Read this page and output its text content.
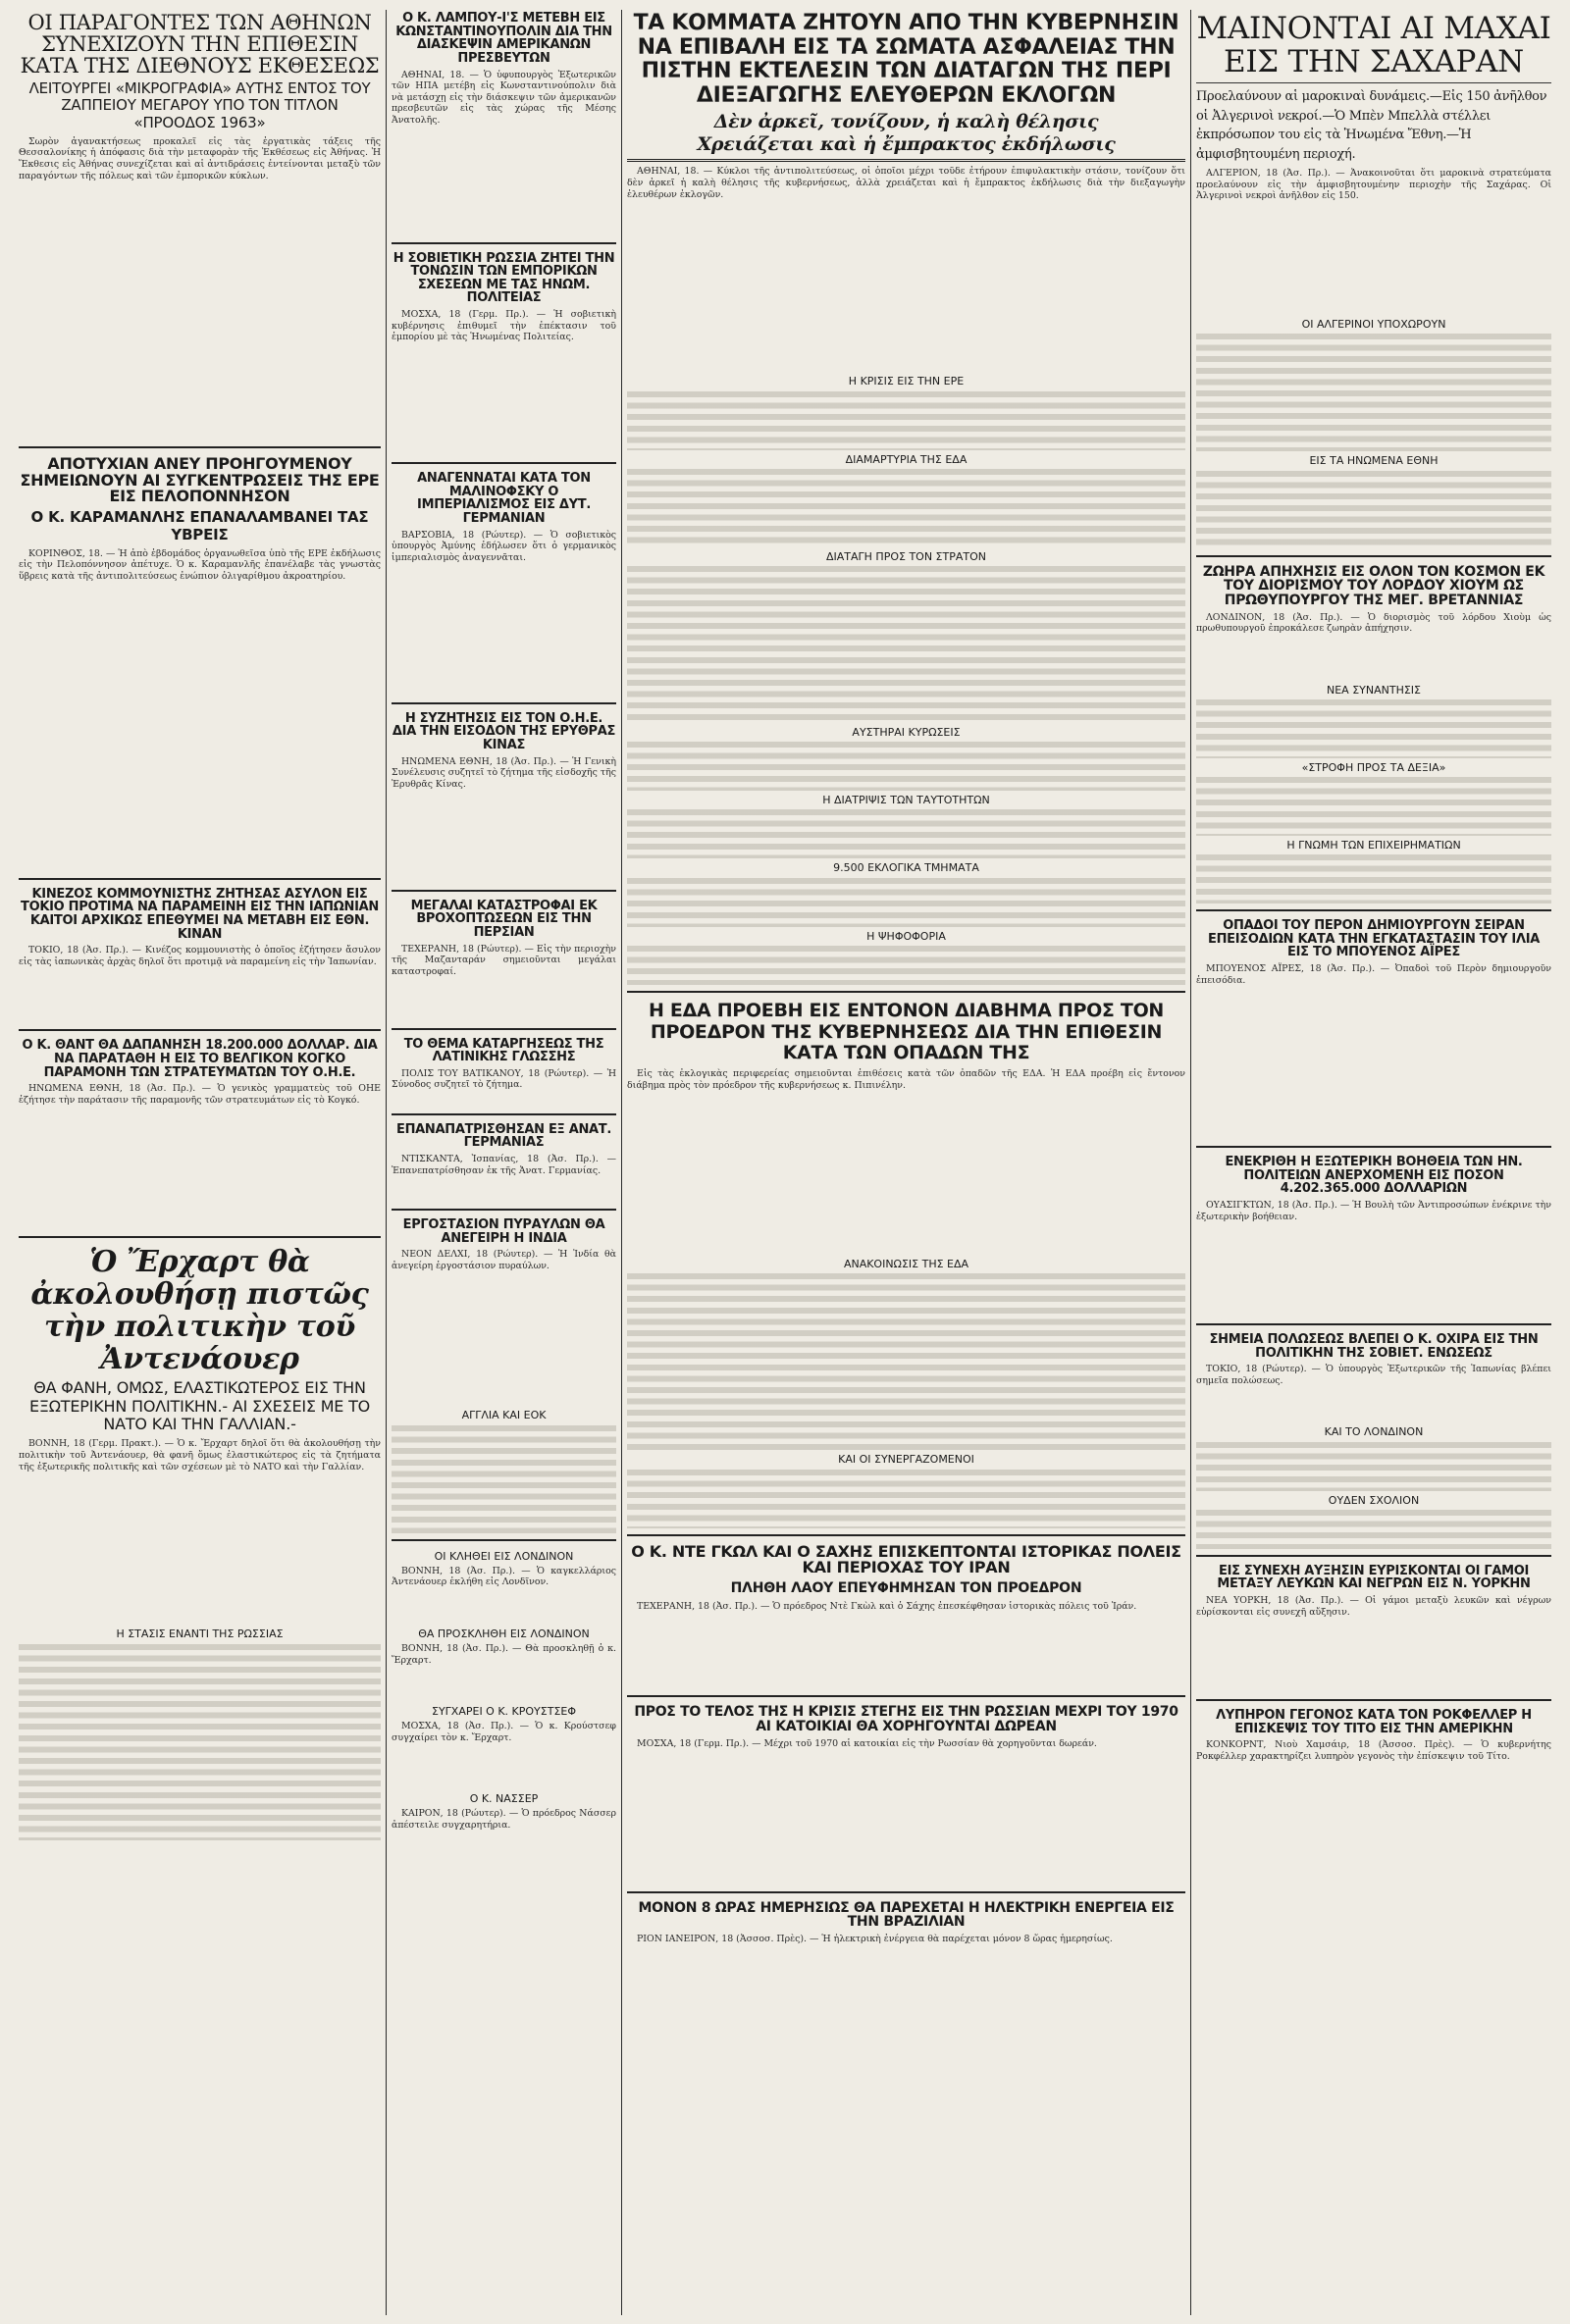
ΟΙ ΠΑΡΑΓΟΝΤΕΣ ΤΩΝ ΑΘΗΝΩΝ ΣΥΝΕΧΙΖΟΥΝ ΤΗΝ ΕΠΙΘΕΣΙΝ ΚΑΤΑ ΤΗΣ ΔΙΕΘΝΟΥΣ ΕΚΘΕΣΕΩΣ
ΛΕΙΤΟΥΡΓΕΙ «ΜΙΚΡΟΓΡΑΦΙΑ» ΑΥΤΗΣ ΕΝΤΟΣ ΤΟΥ ΖΑΠΠΕΙΟΥ ΜΕΓΑΡΟΥ ΥΠΟ ΤΟΝ ΤΙΤΛΟΝ «ΠΡΟΟΔΟΣ 1963»

Σωρὸν ἀγανακτήσεως προκαλεῖ εἰς τὰς ἐργατικὰς τάξεις τῆς Θεσσαλονίκης ἡ ἀπόφασις διὰ τὴν μεταφορὰν τῆς Ἐκθέσεως εἰς Ἀθήνας. Ἡ Ἔκθεσις εἰς Ἀθήνας συνεχίζεται καὶ αἱ ἀντιδράσεις ἐντείνονται μεταξὺ τῶν παραγόντων τῆς πόλεως καὶ τῶν ἐμπορικῶν κύκλων.

ΑΠΟΤΥΧΙΑΝ ΑΝΕΥ ΠΡΟΗΓΟΥΜΕΝΟΥ ΣΗΜΕΙΩΝΟΥΝ ΑΙ ΣΥΓΚΕΝΤΡΩΣΕΙΣ ΤΗΣ ΕΡΕ ΕΙΣ ΠΕΛΟΠΟΝΝΗΣΟΝ
Ο Κ. ΚΑΡΑΜΑΝΛΗΣ ΕΠΑΝΑΛΑΜΒΑΝΕΙ ΤΑΣ ΥΒΡΕΙΣ

ΚΟΡΙΝΘΟΣ, 18. — Ἡ ἀπὸ ἑβδομάδος ὀργανωθεῖσα ὑπὸ τῆς ΕΡΕ ἐκδήλωσις εἰς τὴν Πελοπόννησον ἀπέτυχε. Ὁ κ. Καραμανλῆς ἐπανέλαβε τὰς γνωστὰς ὕβρεις κατὰ τῆς ἀντιπολιτεύσεως ἐνώπιον ὀλιγαρίθμου ἀκροατηρίου.

ΚΙΝΕΖΟΣ ΚΟΜΜΟΥΝΙΣΤΗΣ ΖΗΤΗΣΑΣ ΑΣΥΛΟΝ ΕΙΣ ΤΟΚΙΟ ΠΡΟΤΙΜΑ ΝΑ ΠΑΡΑΜΕΙΝΗ ΕΙΣ ΤΗΝ ΙΑΠΩΝΙΑΝ ΚΑΙΤΟΙ ΑΡΧΙΚΩΣ ΕΠΕΘΥΜΕΙ ΝΑ ΜΕΤΑΒΗ ΕΙΣ ΕΘΝ. ΚΙΝΑΝ

ΤΟΚΙΟ, 18 (Ἀσ. Πρ.). — Κινέζος κομμουνιστὴς ὁ ὁποῖος ἐζήτησεν ἄσυλον εἰς τὰς ἰαπωνικὰς ἀρχὰς δηλοῖ ὅτι προτιμᾷ νὰ παραμείνη εἰς τὴν Ἰαπωνίαν.

Ο Κ. ΘΑΝΤ ΘΑ ΔΑΠΑΝΗΣΗ 18.200.000 ΔΟΛΛΑΡ. ΔΙΑ ΝΑ ΠΑΡΑΤΑΘΗ Η ΕΙΣ ΤΟ ΒΕΛΓΙΚΟΝ ΚΟΓΚΟ ΠΑΡΑΜΟΝΗ ΤΩΝ ΣΤΡΑΤΕΥΜΑΤΩΝ ΤΟΥ Ο.Η.Ε.

ΗΝΩΜΕΝΑ ΕΘΝΗ, 18 (Ἀσ. Πρ.). — Ὁ γενικὸς γραμματεὺς τοῦ ΟΗΕ ἐζήτησε τὴν παράτασιν τῆς παραμονῆς τῶν στρατευμάτων εἰς τὸ Κογκό.

Ὁ Ἔρχαρτ θὰ ἀκολουθήσῃ πιστῶς τὴν πολιτικὴν τοῦ Ἀντενάουερ
ΘΑ ΦΑΝΗ, ΟΜΩΣ, ΕΛΑΣΤΙΚΩΤΕΡΟΣ ΕΙΣ ΤΗΝ ΕΞΩΤΕΡΙΚΗΝ ΠΟΛΙΤΙΚΗΝ.- ΑΙ ΣΧΕΣΕΙΣ ΜΕ ΤΟ ΝΑΤΟ ΚΑΙ ΤΗΝ ΓΑΛΛΙΑΝ.-

ΒΟΝΝΗ, 18 (Γερμ. Πρακτ.). — Ὁ κ. Ἔρχαρτ δηλοῖ ὅτι θὰ ἀκολουθήσῃ τὴν πολιτικὴν τοῦ Ἀντενάουερ, θὰ φανῆ ὅμως ἐλαστικώτερος εἰς τὰ ζητήματα τῆς ἐξωτερικῆς πολιτικῆς καὶ τῶν σχέσεων μὲ τὸ ΝΑΤΟ καὶ τὴν Γαλλίαν.

Η ΣΤΑΣΙΣ ΕΝΑΝΤΙ ΤΗΣ ΡΩΣΣΙΑΣ

Ο Κ. ΛΑΜΠΟΥ-Ι'Σ ΜΕΤΕΒΗ ΕΙΣ ΚΩΝΣΤΑΝΤΙΝΟΥΠΟΛΙΝ ΔΙΑ ΤΗΝ ΔΙΑΣΚΕΨΙΝ ΑΜΕΡΙΚΑΝΩΝ ΠΡΕΣΒΕΥΤΩΝ

ΑΘΗΝΑΙ, 18. — Ὁ ὑφυπουργὸς Ἐξωτερικῶν τῶν ΗΠΑ μετέβη εἰς Κωνσταντινούπολιν διὰ νὰ μετάσχῃ εἰς τὴν διάσκεψιν τῶν ἀμερικανῶν πρεσβευτῶν εἰς τὰς χώρας τῆς Μέσης Ἀνατολῆς.

Η ΣΟΒΙΕΤΙΚΗ ΡΩΣΣΙΑ ΖΗΤΕΙ ΤΗΝ ΤΟΝΩΣΙΝ ΤΩΝ ΕΜΠΟΡΙΚΩΝ ΣΧΕΣΕΩΝ ΜΕ ΤΑΣ ΗΝΩΜ. ΠΟΛΙΤΕΙΑΣ

ΜΟΣΧΑ, 18 (Γερμ. Πρ.). — Ἡ σοβιετικὴ κυβέρνησις ἐπιθυμεῖ τὴν ἐπέκτασιν τοῦ ἐμπορίου μὲ τὰς Ἡνωμένας Πολιτείας.

ΑΝΑΓΕΝΝΑΤΑΙ ΚΑΤΑ ΤΟΝ ΜΑΛΙΝΟΦΣΚΥ Ο ΙΜΠΕΡΙΑΛΙΣΜΟΣ ΕΙΣ ΔΥΤ. ΓΕΡΜΑΝΙΑΝ

ΒΑΡΣΟΒΙΑ, 18 (Ρώυτερ). — Ὁ σοβιετικὸς ὑπουργὸς Ἀμύνης ἐδήλωσεν ὅτι ὁ γερμανικὸς ἰμπεριαλισμὸς ἀναγεννᾶται.

Η ΣΥΖΗΤΗΣΙΣ ΕΙΣ ΤΟΝ Ο.Η.Ε. ΔΙΑ ΤΗΝ ΕΙΣΟΔΟΝ ΤΗΣ ΕΡΥΘΡΑΣ ΚΙΝΑΣ

ΗΝΩΜΕΝΑ ΕΘΝΗ, 18 (Ἀσ. Πρ.). — Ἡ Γενικὴ Συνέλευσις συζητεῖ τὸ ζήτημα τῆς εἰσδοχῆς τῆς Ἐρυθρᾶς Κίνας.

ΜΕΓΑΛΑΙ ΚΑΤΑΣΤΡΟΦΑΙ ΕΚ ΒΡΟΧΟΠΤΩΣΕΩΝ ΕΙΣ ΤΗΝ ΠΕΡΣΙΑΝ

ΤΕΧΕΡΑΝΗ, 18 (Ρώυτερ). — Εἰς τὴν περιοχὴν τῆς Μαζανταράν σημειοῦνται μεγάλαι καταστροφαί.

ΤΟ ΘΕΜΑ ΚΑΤΑΡΓΗΣΕΩΣ ΤΗΣ ΛΑΤΙΝΙΚΗΣ ΓΛΩΣΣΗΣ

ΠΟΛΙΣ ΤΟΥ ΒΑΤΙΚΑΝΟΥ, 18 (Ρώυτερ). — Ἡ Σύνοδος συζητεῖ τὸ ζήτημα.

ΕΠΑΝΑΠΑΤΡΙΣΘΗΣΑΝ ΕΞ ΑΝΑΤ. ΓΕΡΜΑΝΙΑΣ

ΝΤΙΣΚΑΝΤΑ, Ἰσπανίας, 18 (Ἀσ. Πρ.). — Ἐπανεπατρίσθησαν ἐκ τῆς Ἀνατ. Γερμανίας.

ΕΡΓΟΣΤΑΣΙΟΝ ΠΥΡΑΥΛΩΝ ΘΑ ΑΝΕΓΕΙΡΗ Η ΙΝΔΙΑ

ΝΕΟΝ ΔΕΛΧΙ, 18 (Ρώυτερ). — Ἡ Ἰνδία θὰ ἀνεγείρη ἐργοστάσιον πυραύλων.

ΑΓΓΛΙΑ ΚΑΙ ΕΟΚ

ΟΙ ΚΛΗΘΕΙ ΕΙΣ ΛΟΝΔΙΝΟΝ

ΒΟΝΝΗ, 18 (Ἀσ. Πρ.). — Ὁ καγκελλάριος Ἀντενάουερ ἐκλήθη εἰς Λονδῖνον.

ΘΑ ΠΡΟΣΚΛΗΘΗ ΕΙΣ ΛΟΝΔΙΝΟΝ

ΒΟΝΝΗ, 18 (Ἀσ. Πρ.). — Θὰ προσκληθῇ ὁ κ. Ἔρχαρτ.

ΣΥΓΧΑΡΕΙ Ο Κ. ΚΡΟΥΣΤΣΕΦ

ΜΟΣΧΑ, 18 (Ἀσ. Πρ.). — Ὁ κ. Κρούστσεφ συγχαίρει τὸν κ. Ἔρχαρτ.

Ο Κ. ΝΑΣΣΕΡ

ΚΑΙΡΟΝ, 18 (Ρώυτερ). — Ὁ πρόεδρος Νάσσερ ἀπέστειλε συγχαρητήρια.

ΤΑ ΚΟΜΜΑΤΑ ΖΗΤΟΥΝ ΑΠΟ ΤΗΝ ΚΥΒΕΡΝΗΣΙΝ ΝΑ ΕΠΙΒΑΛΗ ΕΙΣ ΤΑ ΣΩΜΑΤΑ ΑΣΦΑΛΕΙΑΣ ΤΗΝ ΠΙΣΤΗΝ ΕΚΤΕΛΕΣΙΝ ΤΩΝ ΔΙΑΤΑΓΩΝ ΤΗΣ ΠΕΡΙ ΔΙΕΞΑΓΩΓΗΣ ΕΛΕΥΘΕΡΩΝ ΕΚΛΟΓΩΝ
Δὲν ἀρκεῖ, τονίζουν, ἡ καλὴ θέλησις
Χρειάζεται καὶ ἡ ἔμπρακτος ἐκδήλωσις

ΑΘΗΝΑΙ, 18. — Κύκλοι τῆς ἀντιπολιτεύσεως, οἱ ὁποῖοι μέχρι τοῦδε ἐτήρουν ἐπιφυλακτικὴν στάσιν, τονίζουν ὅτι δὲν ἀρκεῖ ἡ καλὴ θέλησις τῆς κυβερνήσεως, ἀλλὰ χρειάζεται καὶ ἡ ἔμπρακτος ἐκδήλωσις διὰ τὴν διεξαγωγὴν ἐλευθέρων ἐκλογῶν.

Η ΚΡΙΣΙΣ ΕΙΣ ΤΗΝ ΕΡΕ

ΔΙΑΜΑΡΤΥΡΙΑ ΤΗΣ ΕΔΑ

ΔΙΑΤΑΓΗ ΠΡΟΣ ΤΟΝ ΣΤΡΑΤΟΝ

ΑΥΣΤΗΡΑΙ ΚΥΡΩΣΕΙΣ

Η ΔΙΑΤΡΙΨΙΣ ΤΩΝ ΤΑΥΤΟΤΗΤΩΝ

9.500 ΕΚΛΟΓΙΚΑ ΤΜΗΜΑΤΑ

Η ΨΗΦΟΦΟΡΙΑ

Η ΕΔΑ ΠΡΟΕΒΗ ΕΙΣ ΕΝΤΟΝΟΝ ΔΙΑΒΗΜΑ ΠΡΟΣ ΤΟΝ ΠΡΟΕΔΡΟΝ ΤΗΣ ΚΥΒΕΡΝΗΣΕΩΣ ΔΙΑ ΤΗΝ ΕΠΙΘΕΣΙΝ ΚΑΤΑ ΤΩΝ ΟΠΑΔΩΝ ΤΗΣ

Εἰς τὰς ἐκλογικὰς περιφερείας σημειοῦνται ἐπιθέσεις κατὰ τῶν ὀπαδῶν τῆς ΕΔΑ. Ἡ ΕΔΑ προέβη εἰς ἔντονον διάβημα πρὸς τὸν πρόεδρον τῆς κυβερνήσεως κ. Πιπινέλην.

ΑΝΑΚΟΙΝΩΣΙΣ ΤΗΣ ΕΔΑ

ΚΑΙ ΟΙ ΣΥΝΕΡΓΑΖΟΜΕΝΟΙ

Ο Κ. ΝΤΕ ΓΚΩΛ ΚΑΙ Ο ΣΑΧΗΣ ΕΠΙΣΚΕΠΤΟΝΤΑΙ ΙΣΤΟΡΙΚΑΣ ΠΟΛΕΙΣ ΚΑΙ ΠΕΡΙΟΧΑΣ ΤΟΥ ΙΡΑΝ
ΠΛΗΘΗ ΛΑΟΥ ΕΠΕΥΦΗΜΗΣΑΝ ΤΟΝ ΠΡΟΕΔΡΟΝ

ΤΕΧΕΡΑΝΗ, 18 (Ἀσ. Πρ.). — Ὁ πρόεδρος Ντὲ Γκὼλ καὶ ὁ Σάχης ἐπεσκέφθησαν ἱστορικὰς πόλεις τοῦ Ἰράν.

ΠΡΟΣ ΤΟ ΤΕΛΟΣ ΤΗΣ Η ΚΡΙΣΙΣ ΣΤΕΓΗΣ ΕΙΣ ΤΗΝ ΡΩΣΣΙΑΝ ΜΕΧΡΙ ΤΟΥ 1970 ΑΙ ΚΑΤΟΙΚΙΑΙ ΘΑ ΧΟΡΗΓΟΥΝΤΑΙ ΔΩΡΕΑΝ

ΜΟΣΧΑ, 18 (Γερμ. Πρ.). — Μέχρι τοῦ 1970 αἱ κατοικίαι εἰς τὴν Ρωσσίαν θὰ χορηγοῦνται δωρεάν.

ΜΟΝΟΝ 8 ΩΡΑΣ ΗΜΕΡΗΣΙΩΣ ΘΑ ΠΑΡΕΧΕΤΑΙ Η ΗΛΕΚΤΡΙΚΗ ΕΝΕΡΓΕΙΑ ΕΙΣ ΤΗΝ ΒΡΑΖΙΛΙΑΝ

ΡΙΟΝ ΙΑΝΕΙΡΟΝ, 18 (Ἀσσοσ. Πρὲς). — Ἡ ἠλεκτρικὴ ἐνέργεια θὰ παρέχεται μόνον 8 ὥρας ἡμερησίως.

ΜΑΙΝΟΝΤΑΙ ΑΙ ΜΑΧΑΙ ΕΙΣ ΤΗΝ ΣΑΧΑΡΑΝ
Προελαύνουν αἱ μαροκιναὶ δυνάμεις.—Εἰς 150 ἀνῆλθον οἱ Ἀλγερινοὶ νεκροί.—Ὁ Μπὲν Μπελλὰ στέλλει ἐκπρόσωπον του εἰς τὰ Ἡνωμένα Ἔθνη.—Ἡ ἀμφισβητουμένη περιοχή.

ΑΛΓΕΡΙΟΝ, 18 (Ἀσ. Πρ.). — Ἀνακοινοῦται ὅτι μαροκινὰ στρατεύματα προελαύνουν εἰς τὴν ἀμφισβητουμένην περιοχὴν τῆς Σαχάρας. Οἱ Ἀλγερινοὶ νεκροὶ ἀνῆλθον εἰς 150.

ΟΙ ΑΛΓΕΡΙΝΟΙ ΥΠΟΧΩΡΟΥΝ

ΕΙΣ ΤΑ ΗΝΩΜΕΝΑ ΕΘΝΗ

ΖΩΗΡΑ ΑΠΗΧΗΣΙΣ ΕΙΣ ΟΛΟΝ ΤΟΝ ΚΟΣΜΟΝ ΕΚ ΤΟΥ ΔΙΟΡΙΣΜΟΥ ΤΟΥ ΛΟΡΔΟΥ ΧΙΟΥΜ ΩΣ ΠΡΩΘΥΠΟΥΡΓΟΥ ΤΗΣ ΜΕΓ. ΒΡΕΤΑΝΝΙΑΣ

ΛΟΝΔΙΝΟΝ, 18 (Ἀσ. Πρ.). — Ὁ διορισμὸς τοῦ λόρδου Χιοὺμ ὡς πρωθυπουργοῦ ἐπροκάλεσε ζωηρὰν ἀπήχησιν.

ΝΕΑ ΣΥΝΑΝΤΗΣΙΣ

«ΣΤΡΟΦΗ ΠΡΟΣ ΤΑ ΔΕΞΙΑ»

Η ΓΝΩΜΗ ΤΩΝ ΕΠΙΧΕΙΡΗΜΑΤΙΩΝ

ΟΠΑΔΟΙ ΤΟΥ ΠΕΡΟΝ ΔΗΜΙΟΥΡΓΟΥΝ ΣΕΙΡΑΝ ΕΠΕΙΣΟΔΙΩΝ ΚΑΤΑ ΤΗΝ ΕΓΚΑΤΑΣΤΑΣΙΝ ΤΟΥ ΙΛΙΑ ΕΙΣ ΤΟ ΜΠΟΥΕΝΟΣ ΑΪΡΕΣ

ΜΠΟΥΕΝΟΣ ΑΪΡΕΣ, 18 (Ἀσ. Πρ.). — Ὀπαδοὶ τοῦ Περὸν δημιουργοῦν ἐπεισόδια.

ΕΝΕΚΡΙΘΗ Η ΕΞΩΤΕΡΙΚΗ ΒΟΗΘΕΙΑ ΤΩΝ ΗΝ. ΠΟΛΙΤΕΙΩΝ ΑΝΕΡΧΟΜΕΝΗ ΕΙΣ ΠΟΣΟΝ 4.202.365.000 ΔΟΛΛΑΡΙΩΝ

ΟΥΑΣΙΓΚΤΩΝ, 18 (Ἀσ. Πρ.). — Ἡ Βουλὴ τῶν Ἀντιπροσώπων ἐνέκρινε τὴν ἐξωτερικὴν βοήθειαν.

ΣΗΜΕΙΑ ΠΟΛΩΣΕΩΣ ΒΛΕΠΕΙ Ο Κ. ΟΧΙΡΑ ΕΙΣ ΤΗΝ ΠΟΛΙΤΙΚΗΝ ΤΗΣ ΣΟΒΙΕΤ. ΕΝΩΣΕΩΣ

ΤΟΚΙΟ, 18 (Ρώυτερ). — Ὁ ὑπουργὸς Ἐξωτερικῶν τῆς Ἰαπωνίας βλέπει σημεῖα πολώσεως.

ΚΑΙ ΤΟ ΛΟΝΔΙΝΟΝ

ΟΥΔΕΝ ΣΧΟΛΙΟΝ

ΕΙΣ ΣΥΝΕΧΗ ΑΥΞΗΣΙΝ ΕΥΡΙΣΚΟΝΤΑΙ ΟΙ ΓΑΜΟΙ ΜΕΤΑΞΥ ΛΕΥΚΩΝ ΚΑΙ ΝΕΓΡΩΝ ΕΙΣ Ν. ΥΟΡΚΗΝ

ΝΕΑ ΥΟΡΚΗ, 18 (Ἀσ. Πρ.). — Οἱ γάμοι μεταξὺ λευκῶν καὶ νέγρων εὑρίσκονται εἰς συνεχῆ αὔξησιν.

ΛΥΠΗΡΟΝ ΓΕΓΟΝΟΣ ΚΑΤΑ ΤΟΝ ΡΟΚΦΕΛΛΕΡ Η ΕΠΙΣΚΕΨΙΣ ΤΟΥ ΤΙΤΟ ΕΙΣ ΤΗΝ ΑΜΕΡΙΚΗΝ

ΚΟΝΚΟΡΝΤ, Νιοὺ Χαμσάιρ, 18 (Ἀσσοσ. Πρὲς). — Ὁ κυβερνήτης Ροκφέλλερ χαρακτηρίζει λυπηρὸν γεγονὸς τὴν ἐπίσκεψιν τοῦ Τίτο.
